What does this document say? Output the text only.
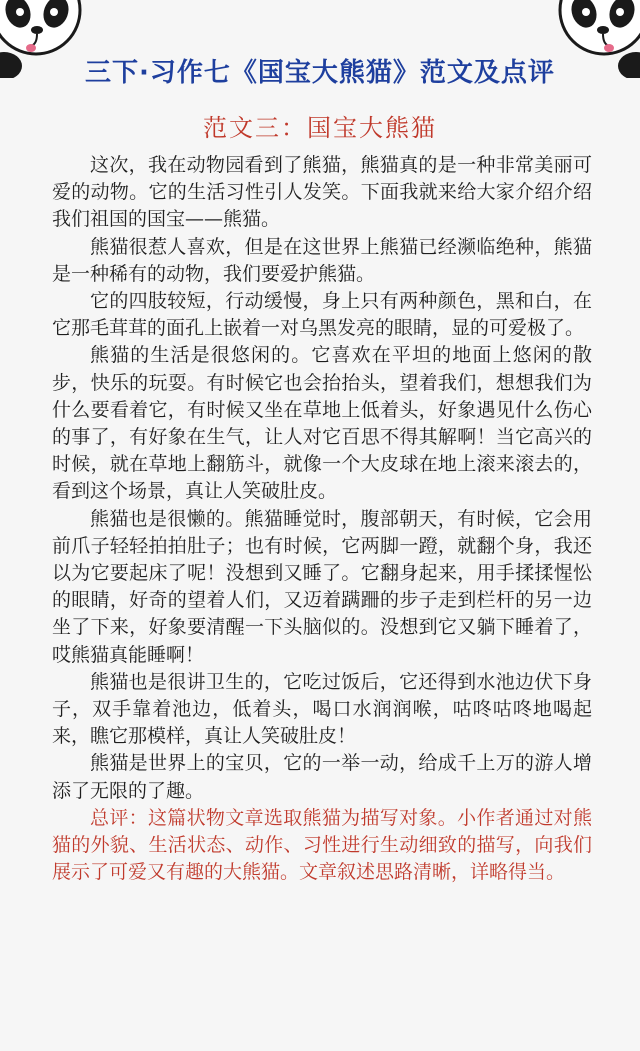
三下·习作七《国宝大熊猫》范文及点评
范文三：国宝大熊猫

这次，我在动物园看到了熊猫，熊猫真的是一种非常美丽可爱的动物。它的生活习性引人发笑。下面我就来给大家介绍介绍我们祖国的国宝——熊猫。

熊猫很惹人喜欢，但是在这世界上熊猫已经濒临绝种，熊猫是一种稀有的动物，我们要爱护熊猫。

它的四肢较短，行动缓慢，身上只有两种颜色，黑和白，在它那毛茸茸的面孔上嵌着一对乌黑发亮的眼睛，显的可爱极了。

熊猫的生活是很悠闲的。它喜欢在平坦的地面上悠闲的散步，快乐的玩耍。有时候它也会抬抬头，望着我们，想想我们为什么要看着它，有时候又坐在草地上低着头，好象遇见什么伤心的事了，有好象在生气，让人对它百思不得其解啊！当它高兴的时候，就在草地上翻筋斗，就像一个大皮球在地上滚来滚去的，看到这个场景，真让人笑破肚皮。

熊猫也是很懒的。熊猫睡觉时，腹部朝天，有时候，它会用前爪子轻轻拍拍肚子；也有时候，它两脚一蹬，就翻个身，我还以为它要起床了呢！没想到又睡了。它翻身起来，用手揉揉惺忪的眼睛，好奇的望着人们，又迈着蹒跚的步子走到栏杆的另一边坐了下来，好象要清醒一下头脑似的。没想到它又躺下睡着了，哎熊猫真能睡啊！

熊猫也是很讲卫生的，它吃过饭后，它还得到水池边伏下身子，双手靠着池边，低着头，喝口水润润喉，咕咚咕咚地喝起来，瞧它那模样，真让人笑破肚皮！

熊猫是世界上的宝贝，它的一举一动，给成千上万的游人增添了无限的了趣。

总评：这篇状物文章选取熊猫为描写对象。小作者通过对熊猫的外貌、生活状态、动作、习性进行生动细致的描写，向我们展示了可爱又有趣的大熊猫。文章叙述思路清晰，详略得当。
